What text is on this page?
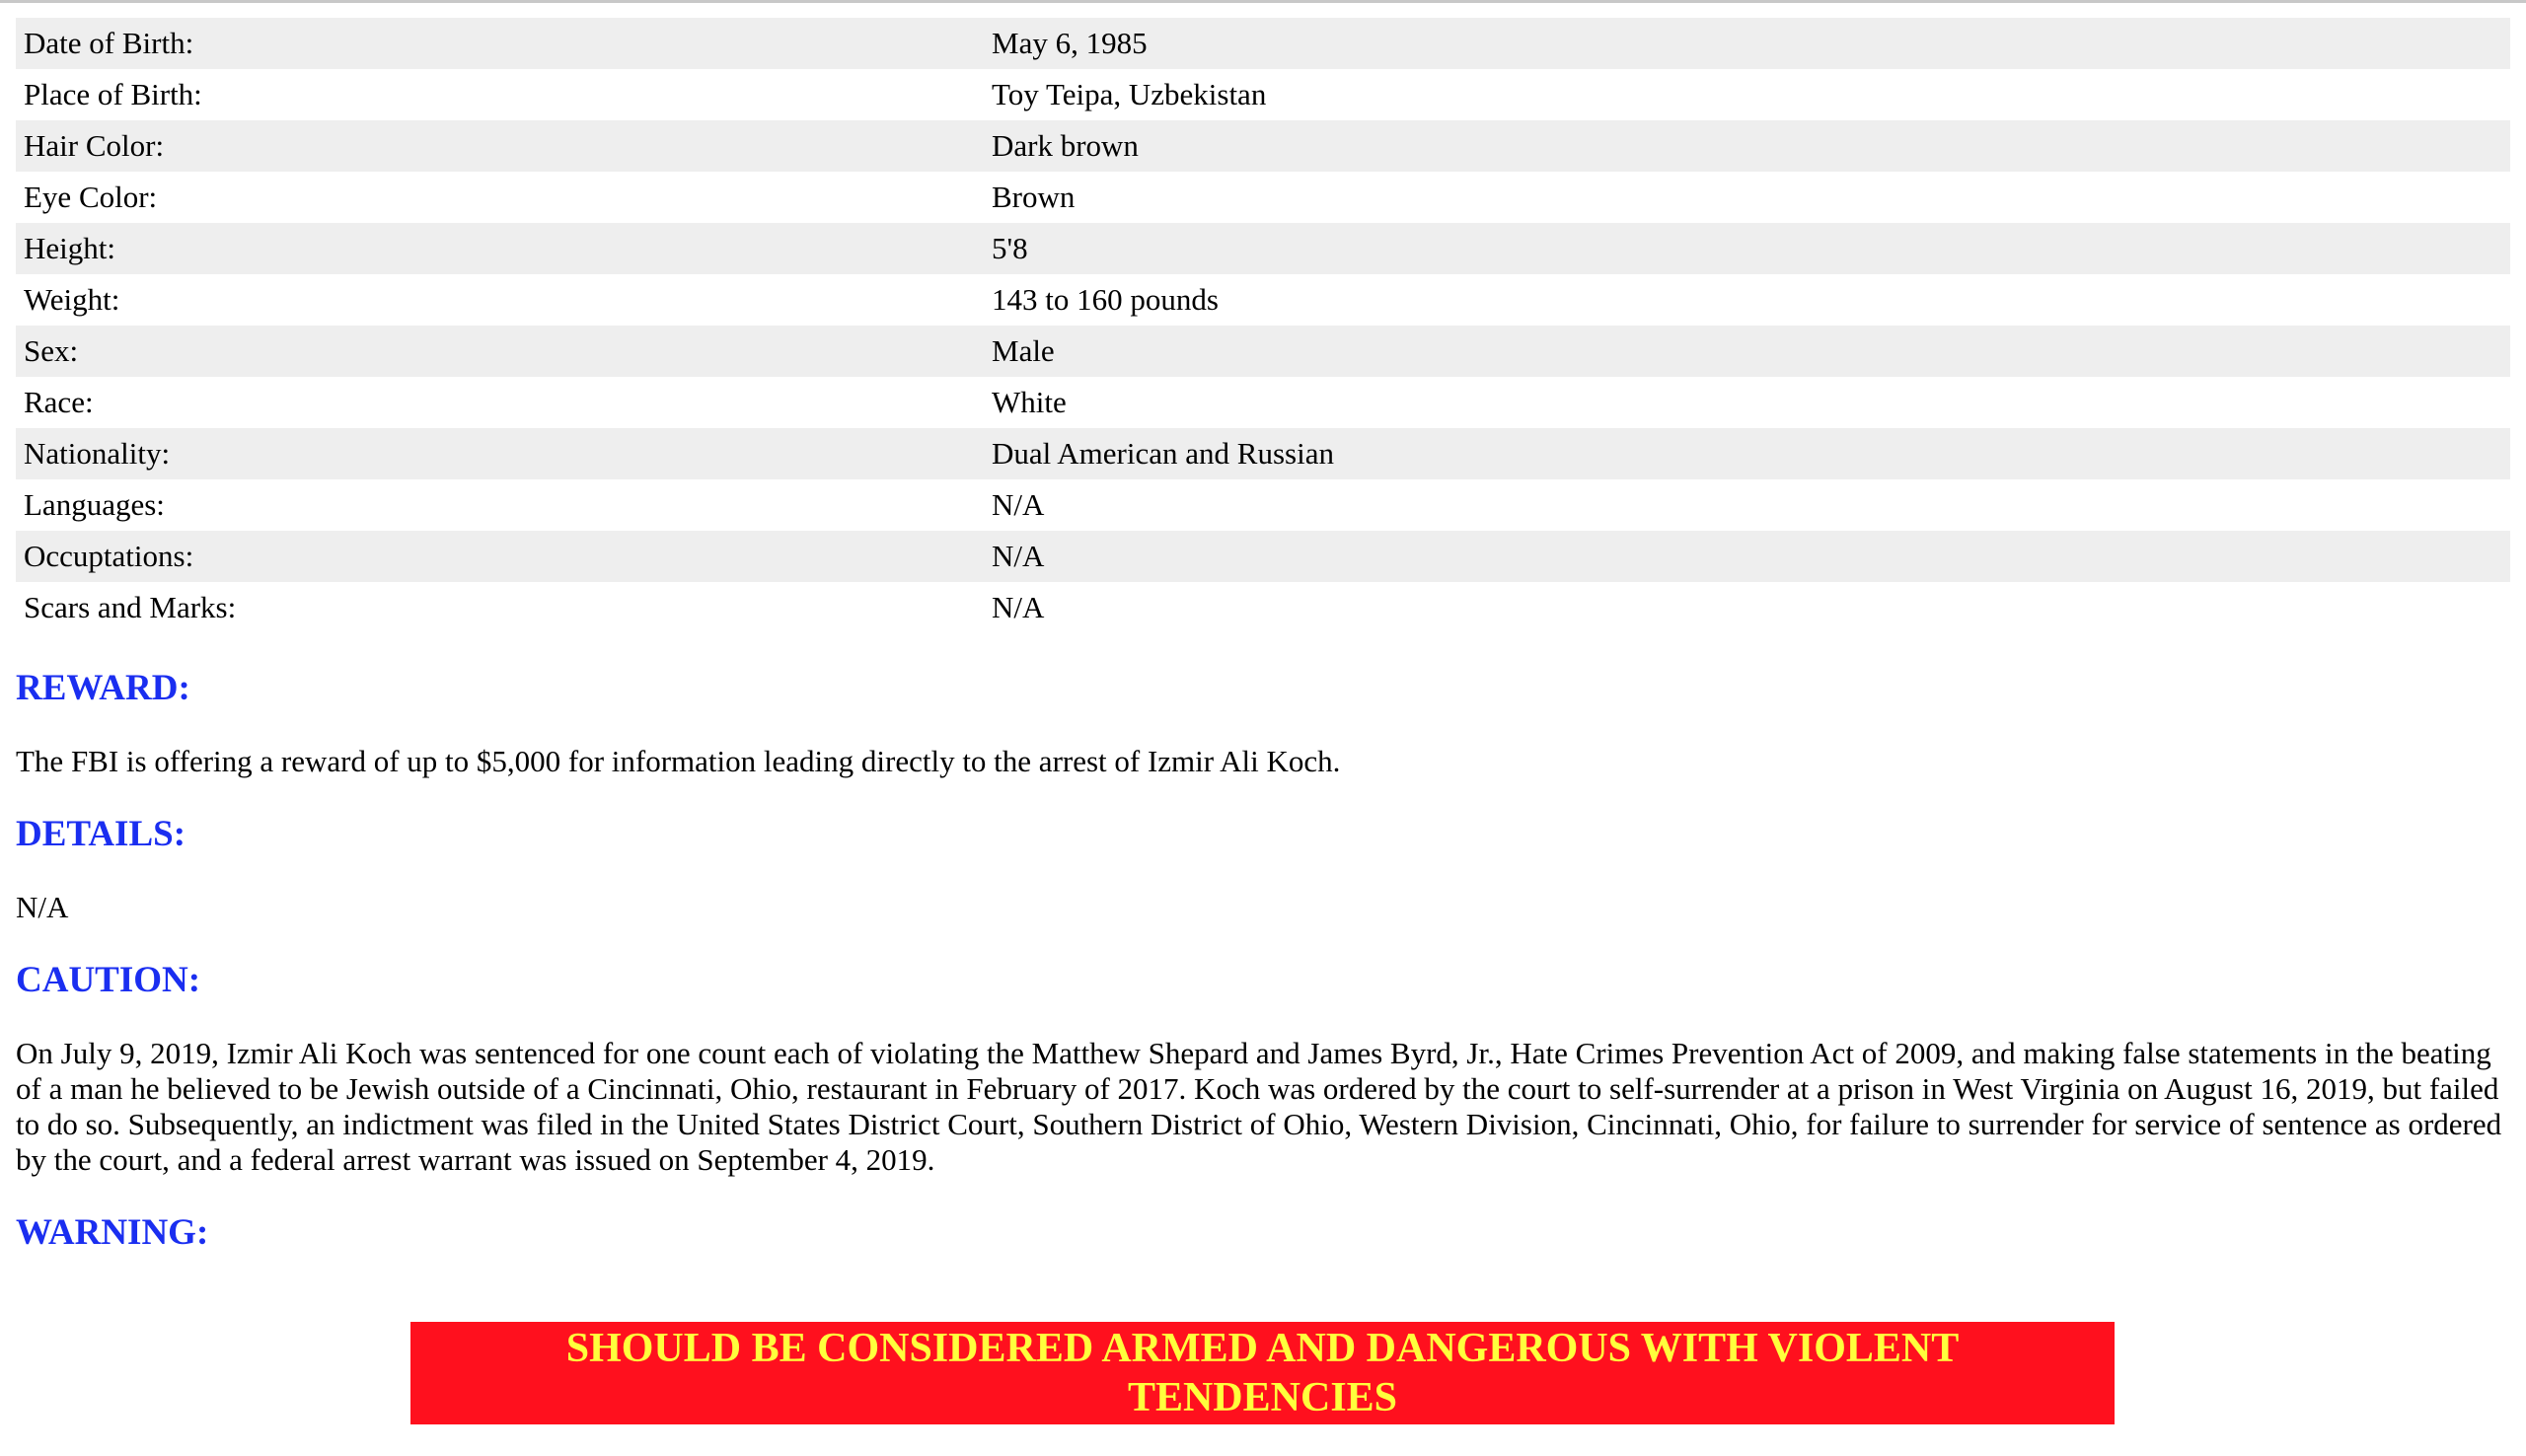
Date of Birth:	May 6, 1985
Place of Birth:	Toy Teipa, Uzbekistan
Hair Color:	Dark brown
Eye Color:	Brown
Height:	5'8
Weight:	143 to 160 pounds
Sex:	Male
Race:	White
Nationality:	Dual American and Russian
Languages:	N/A
Occuptations:	N/A
Scars and Marks:	N/A
REWARD:

The FBI is offering a reward of up to $5,000 for information leading directly to the arrest of Izmir Ali Koch.

DETAILS:

N/A

CAUTION:

On July 9, 2019, Izmir Ali Koch was sentenced for one count each of violating the Matthew Shepard and James Byrd, Jr., Hate Crimes Prevention Act of 2009, and making false statements in the beating of a man he believed to be Jewish outside of a Cincinnati, Ohio, restaurant in February of 2017. Koch was ordered by the court to self-surrender at a prison in West Virginia on August 16, 2019, but failed to do so. Subsequently, an indictment was filed in the United States District Court, Southern District of Ohio, Western Division, Cincinnati, Ohio, for failure to surrender for service of sentence as ordered by the court, and a federal arrest warrant was issued on September 4, 2019.

WARNING:
SHOULD BE CONSIDERED ARMED AND DANGEROUS WITH VIOLENT TENDENCIES
